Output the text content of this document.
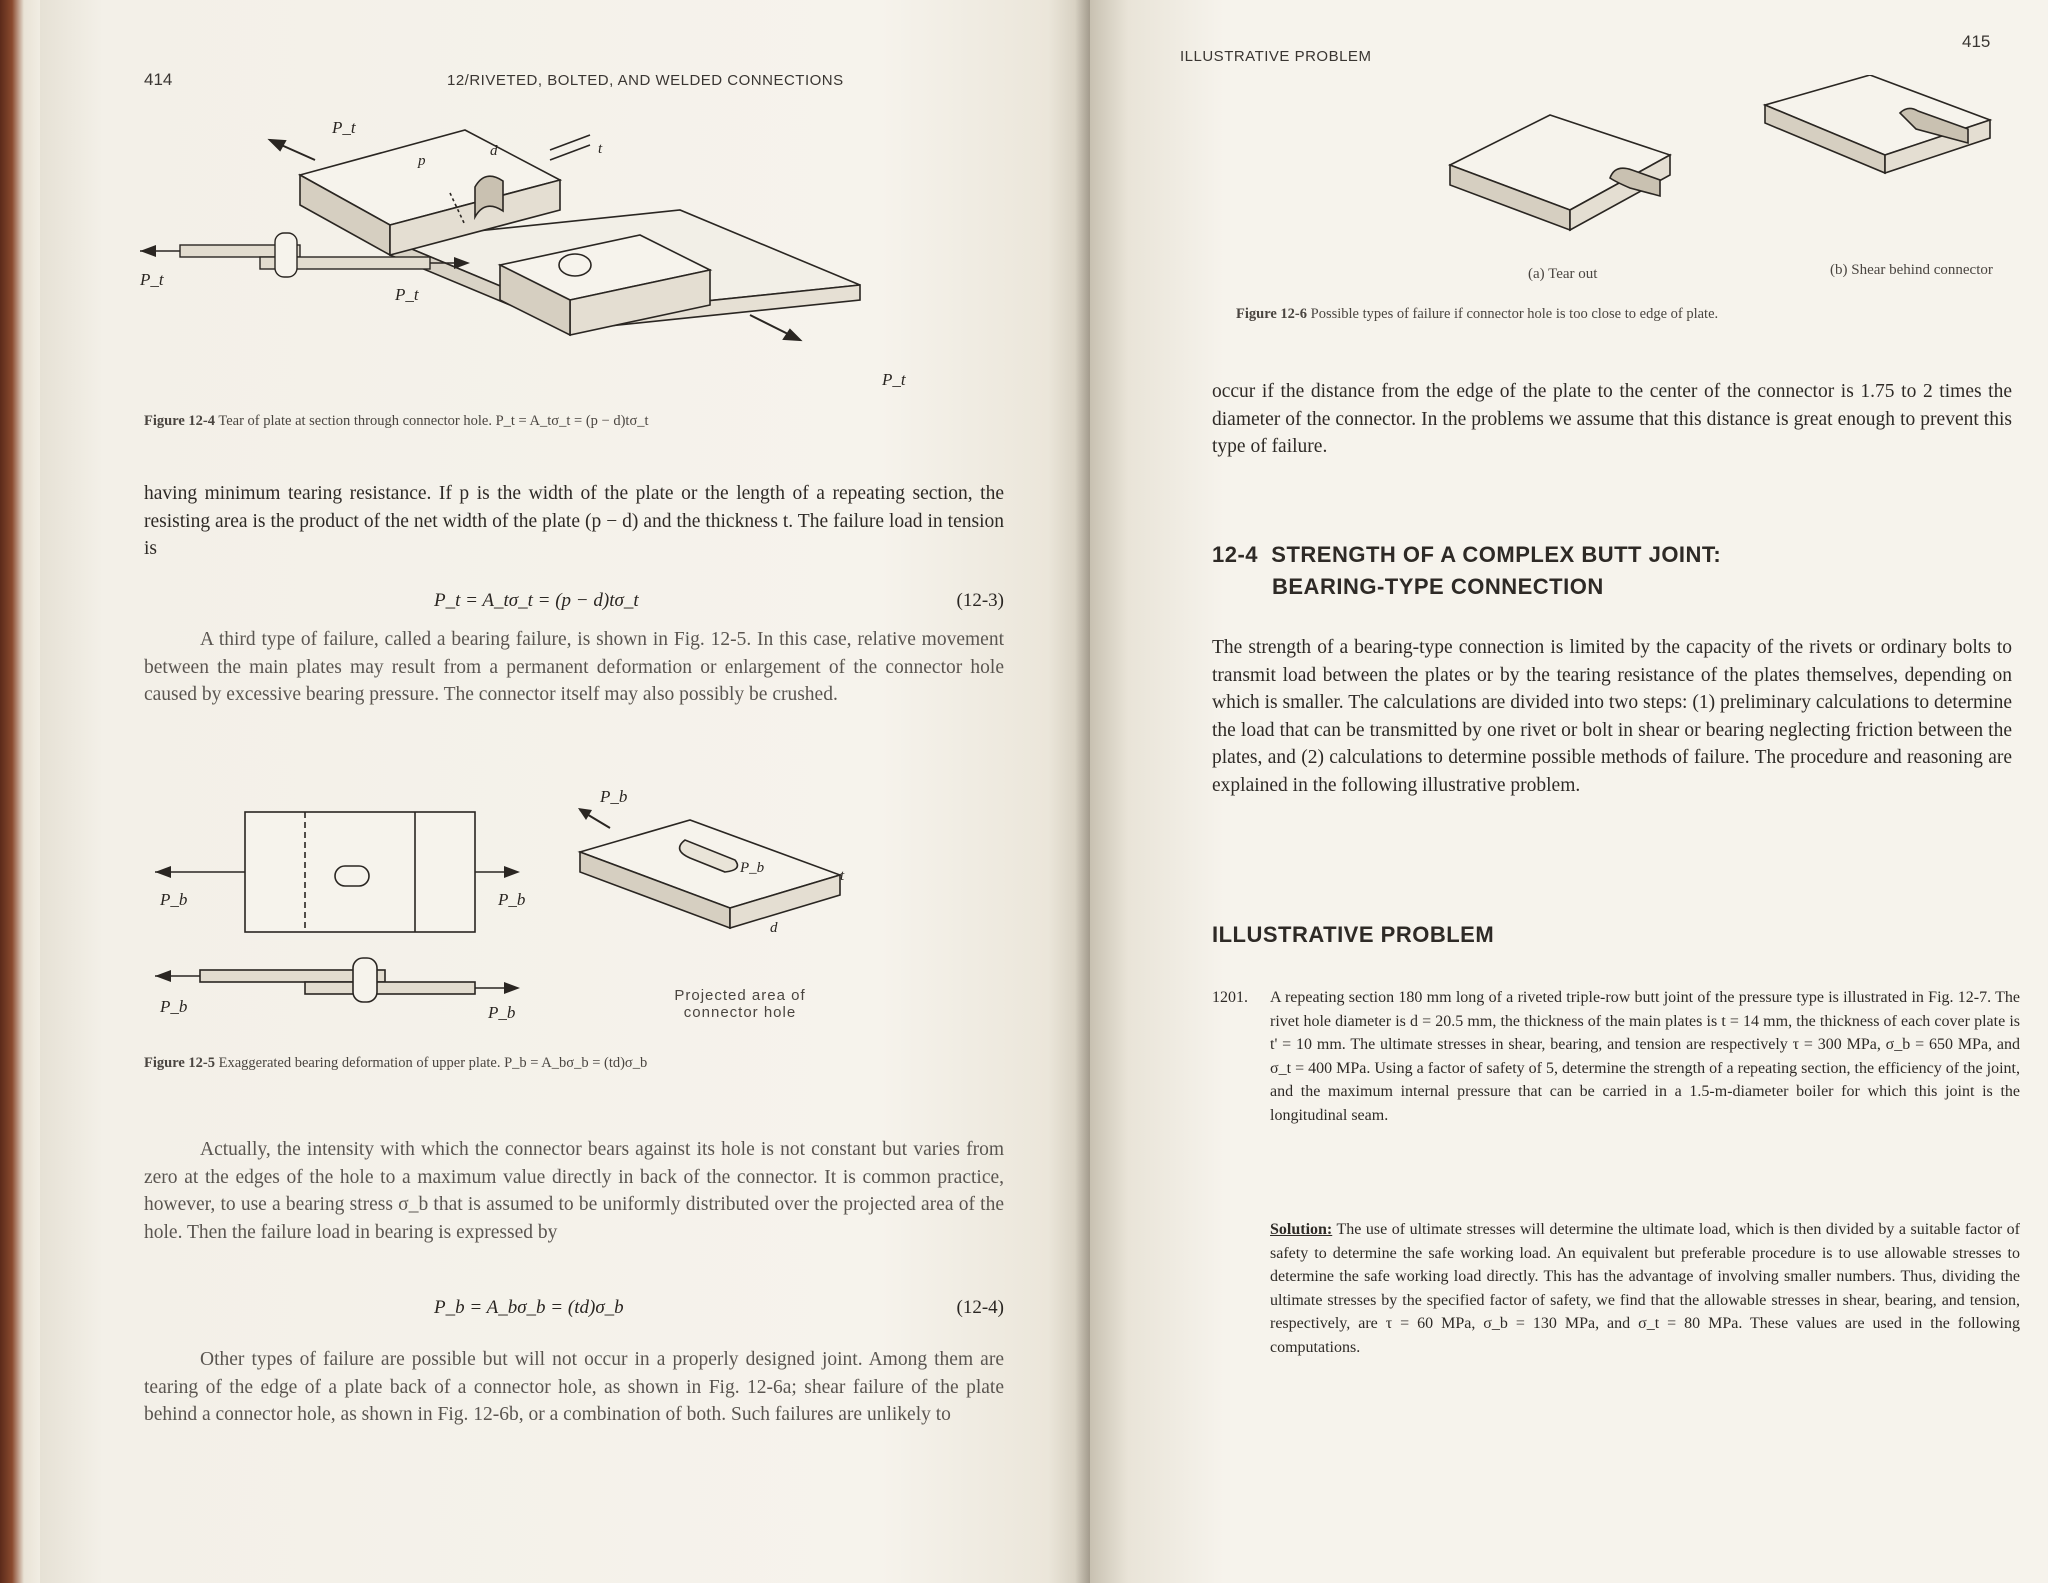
414	12/RIVETED, BOLTED, AND WELDED CONNECTIONS
P_t
P_t
P_t
P_t
p
d	t
Figure 12-4 Tear of plate at section through connector hole. P_t = A_tσ_t = (p − d)tσ_t
having minimum tearing resistance. If p is the width of the plate or the length of a repeating section, the resisting area is the product of the net width of the plate (p − d) and the thickness t. The failure load in tension is
P_t = A_tσ_t = (p − d)tσ_t	(12-3)
A third type of failure, called a bearing failure, is shown in Fig. 12-5. In this case, relative movement between the main plates may result from a permanent deformation or enlargement of the connector hole caused by excessive bearing pressure. The connector itself may also possibly be crushed.
P_b	P_b
P_b	P_b
P_b
P_b	t
d
Projected area of
connector hole
Figure 12-5 Exaggerated bearing deformation of upper plate. P_b = A_bσ_b = (td)σ_b
Actually, the intensity with which the connector bears against its hole is not constant but varies from zero at the edges of the hole to a maximum value directly in back of the connector. It is common practice, however, to use a bearing stress σ_b that is assumed to be uniformly distributed over the projected area of the hole. Then the failure load in bearing is expressed by
P_b = A_bσ_b = (td)σ_b	(12-4)
Other types of failure are possible but will not occur in a properly designed joint. Among them are tearing of the edge of a plate back of a connector hole, as shown in Fig. 12-6a; shear failure of the plate behind a connector hole, as shown in Fig. 12-6b, or a combination of both. Such failures are unlikely to
ILLUSTRATIVE PROBLEM
415
(a) Tear out	(b) Shear behind connector
Figure 12-6 Possible types of failure if connector hole is too close to edge of plate.
occur if the distance from the edge of the plate to the center of the connector is 1.75 to 2 times the diameter of the connector. In the problems we assume that this distance is great enough to prevent this type of failure.
12-4 STRENGTH OF A COMPLEX BUTT JOINT:
BEARING-TYPE CONNECTION
The strength of a bearing-type connection is limited by the capacity of the rivets or ordinary bolts to transmit load between the plates or by the tearing resistance of the plates themselves, depending on which is smaller. The calculations are divided into two steps: (1) preliminary calculations to determine the load that can be transmitted by one rivet or bolt in shear or bearing neglecting friction between the plates, and (2) calculations to determine possible methods of failure. The procedure and reasoning are explained in the following illustrative problem.
ILLUSTRATIVE PROBLEM
1201.	A repeating section 180 mm long of a riveted triple-row butt joint of the pressure type is illustrated in Fig. 12-7. The rivet hole diameter is d = 20.5 mm, the thickness of the main plates is t = 14 mm, the thickness of each cover plate is t' = 10 mm. The ultimate stresses in shear, bearing, and tension are respectively τ = 300 MPa, σ_b = 650 MPa, and σ_t = 400 MPa. Using a factor of safety of 5, determine the strength of a repeating section, the efficiency of the joint, and the maximum internal pressure that can be carried in a 1.5-m-diameter boiler for which this joint is the longitudinal seam.
Solution: The use of ultimate stresses will determine the ultimate load, which is then divided by a suitable factor of safety to determine the safe working load. An equivalent but preferable procedure is to use allowable stresses to determine the safe working load directly. This has the advantage of involving smaller numbers. Thus, dividing the ultimate stresses by the specified factor of safety, we find that the allowable stresses in shear, bearing, and tension, respectively, are τ = 60 MPa, σ_b = 130 MPa, and σ_t = 80 MPa. These values are used in the following computations.
